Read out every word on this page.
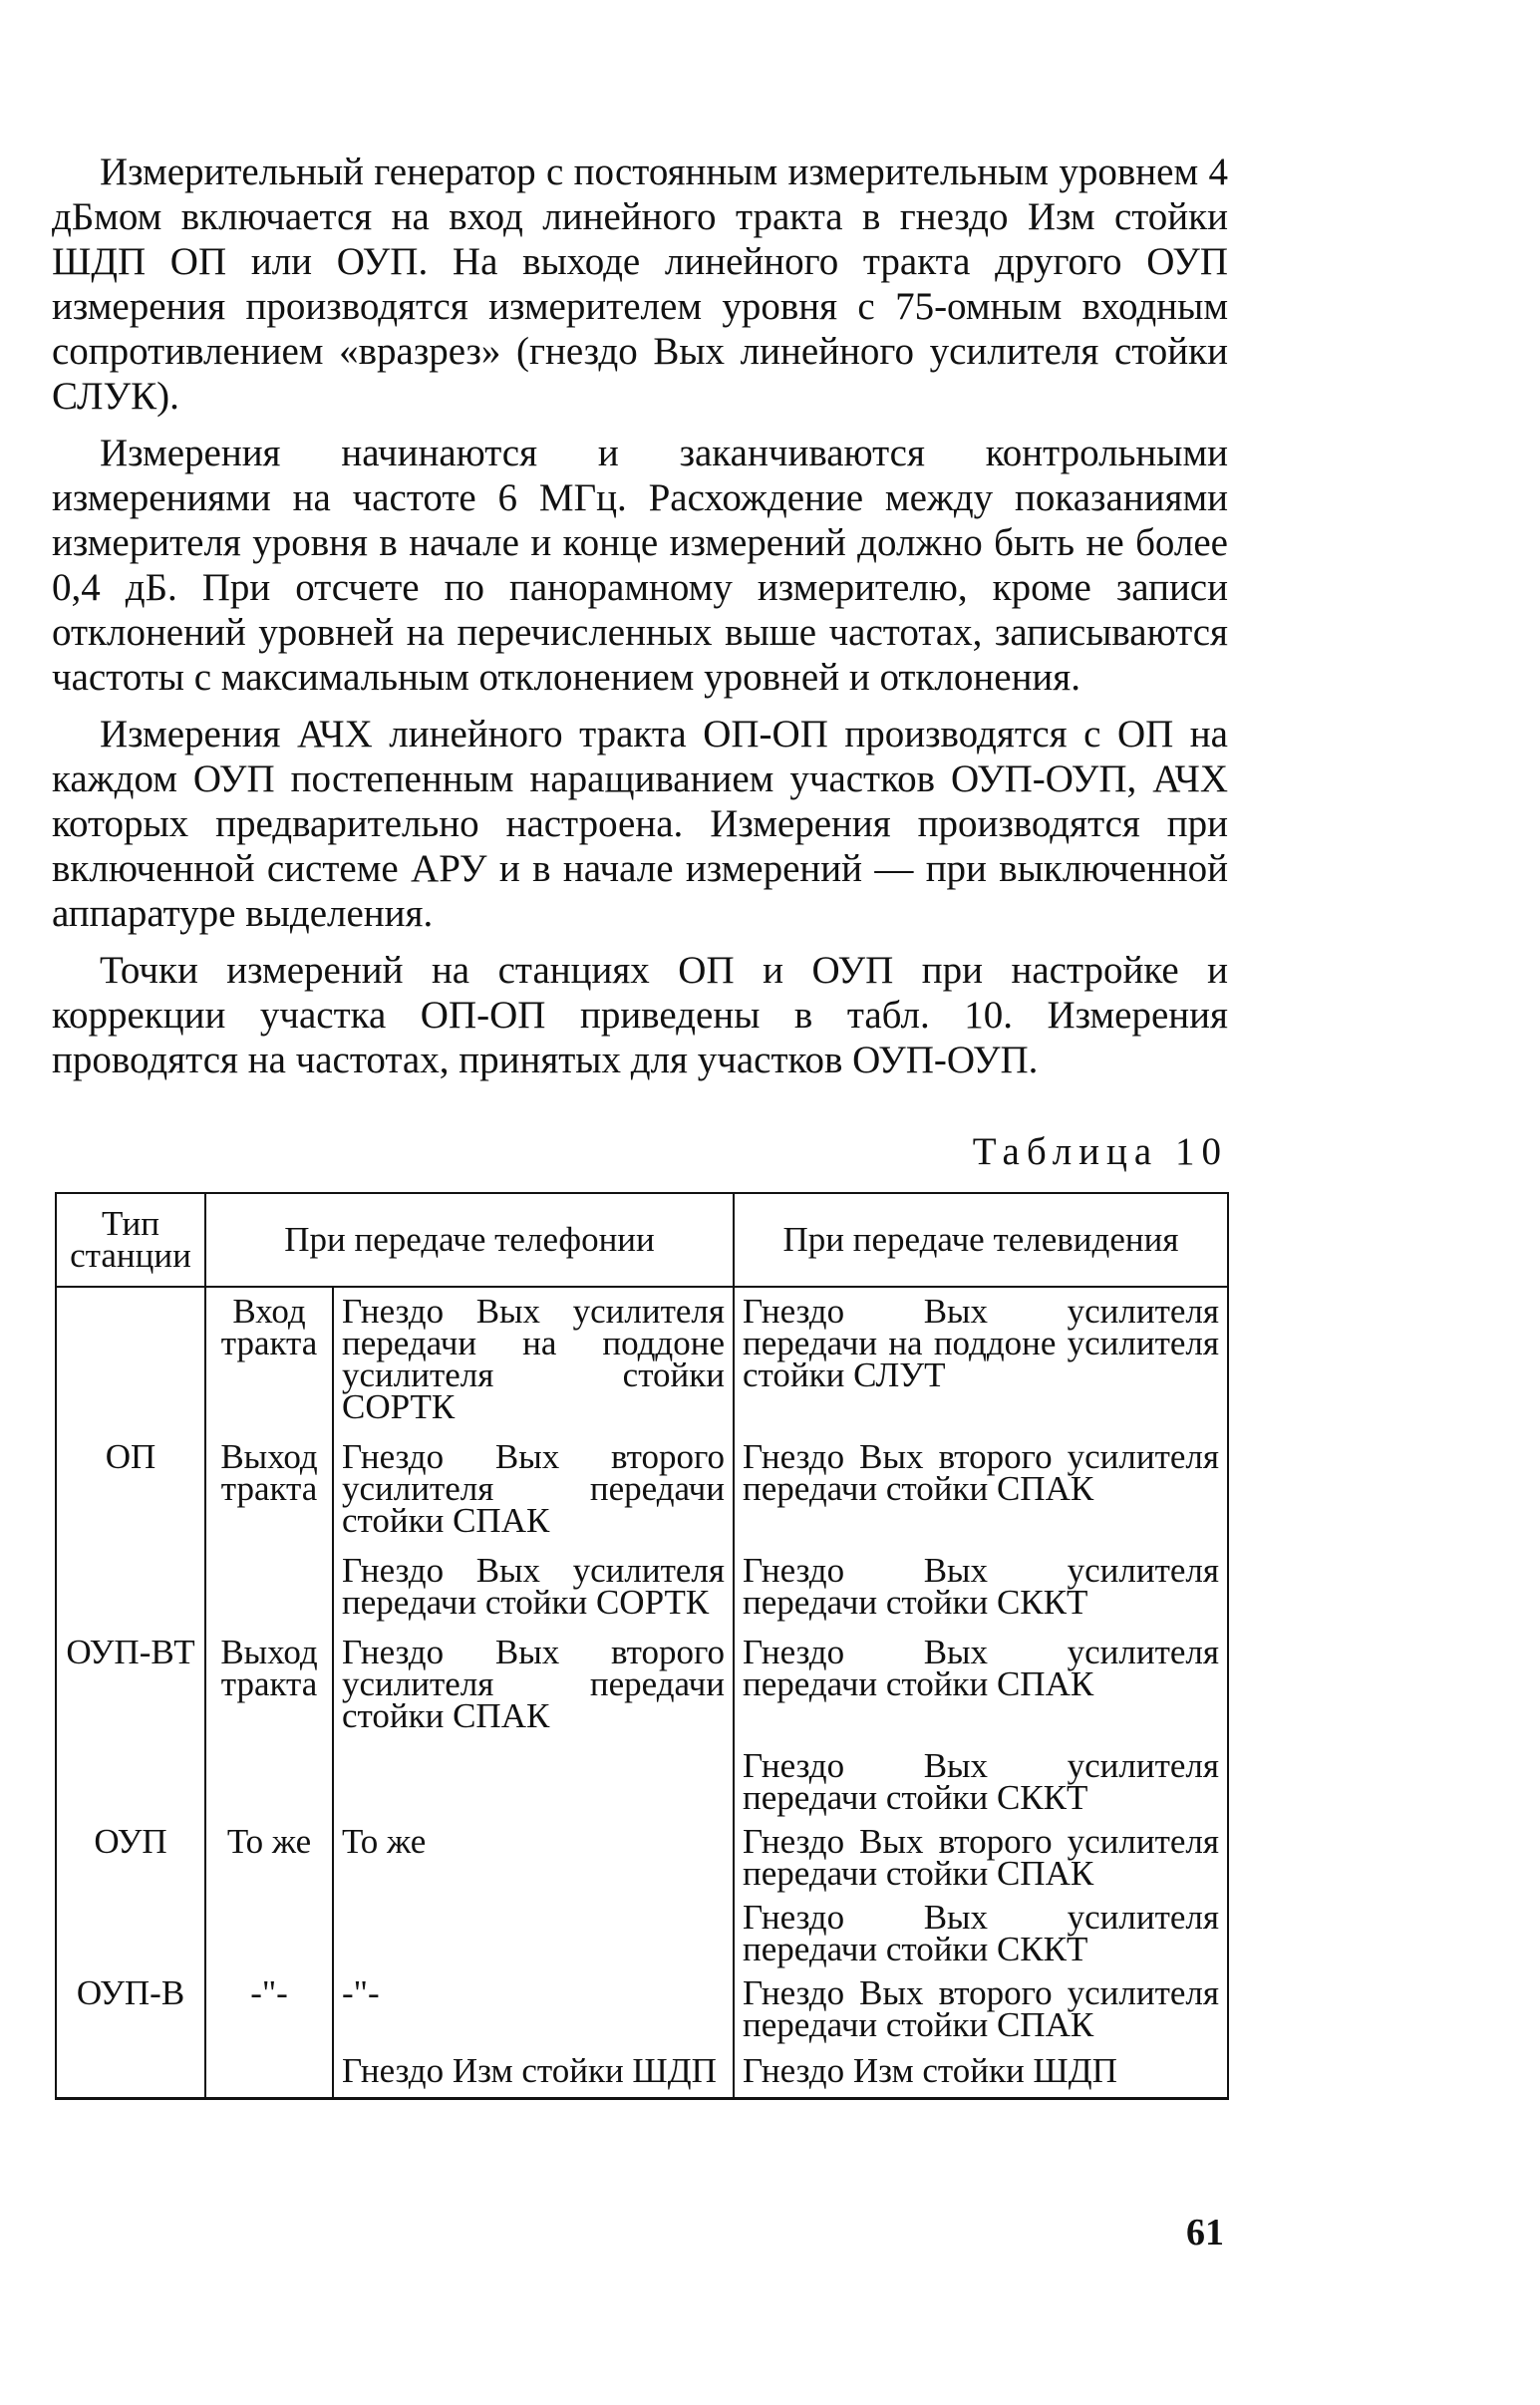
Измерительный генератор с постоянным измерительным уровнем 4 дБмом включается на вход линейного тракта в гнездо Изм стойки ШДП ОП или ОУП. На выходе линейного тракта другого ОУП измерения производятся измерителем уровня с 75-омным входным сопротивлением «вразрез» (гнездо Вых линейного усилителя стойки СЛУК).

Измерения начинаются и заканчиваются контрольными измерениями на частоте 6 МГц. Расхождение между показаниями измерителя уровня в начале и конце измерений должно быть не более 0,4 дБ. При отсчете по панорамному измерителю, кроме записи отклонений уровней на перечисленных выше частотах, записываются частоты с максимальным отклонением уровней и отклонения.

Измерения АЧХ линейного тракта ОП-ОП производятся с ОП на каждом ОУП постепенным наращиванием участков ОУП-ОУП, АЧХ которых предварительно настроена. Измерения производятся при включенной системе АРУ и в начале измерений — при выключенной аппаратуре выделения.

Точки измерений на станциях ОП и ОУП при настройке и коррекции участка ОП-ОП приведены в табл. 10. Измерения проводятся на частотах, принятых для участков ОУП-ОУП.

Таблица 10
Тип станции	При передаче телефонии		При передаче телевидения
	Вход тракта	Гнездо Вых усилителя передачи на поддоне усилителя стойки СОРТК	Гнездо Вых усилителя передачи на поддоне усилителя стойки СЛУТ
ОП	Выход тракта	Гнездо Вых второго усилителя передачи стойки СПАК	Гнездо Вых второго усилителя передачи стойки СПАК
		Гнездо Вых усилителя передачи стойки СОРТК	Гнездо Вых усилителя передачи стойки СККТ
ОУП-ВТ	Выход тракта	Гнездо Вых второго усилителя передачи стойки СПАК	Гнездо Вых усилителя передачи стойки СПАК
			Гнездо Вых усилителя передачи стойки СККТ
ОУП	То же	То же	Гнездо Вых второго усилителя передачи стойки СПАК
			Гнездо Вых усилителя передачи стойки СККТ
ОУП-В	-"-	-"-	Гнездо Вых второго усилителя передачи стойки СПАК
		Гнездо Изм стойки ШДП	Гнездо Изм стойки ШДП
61
